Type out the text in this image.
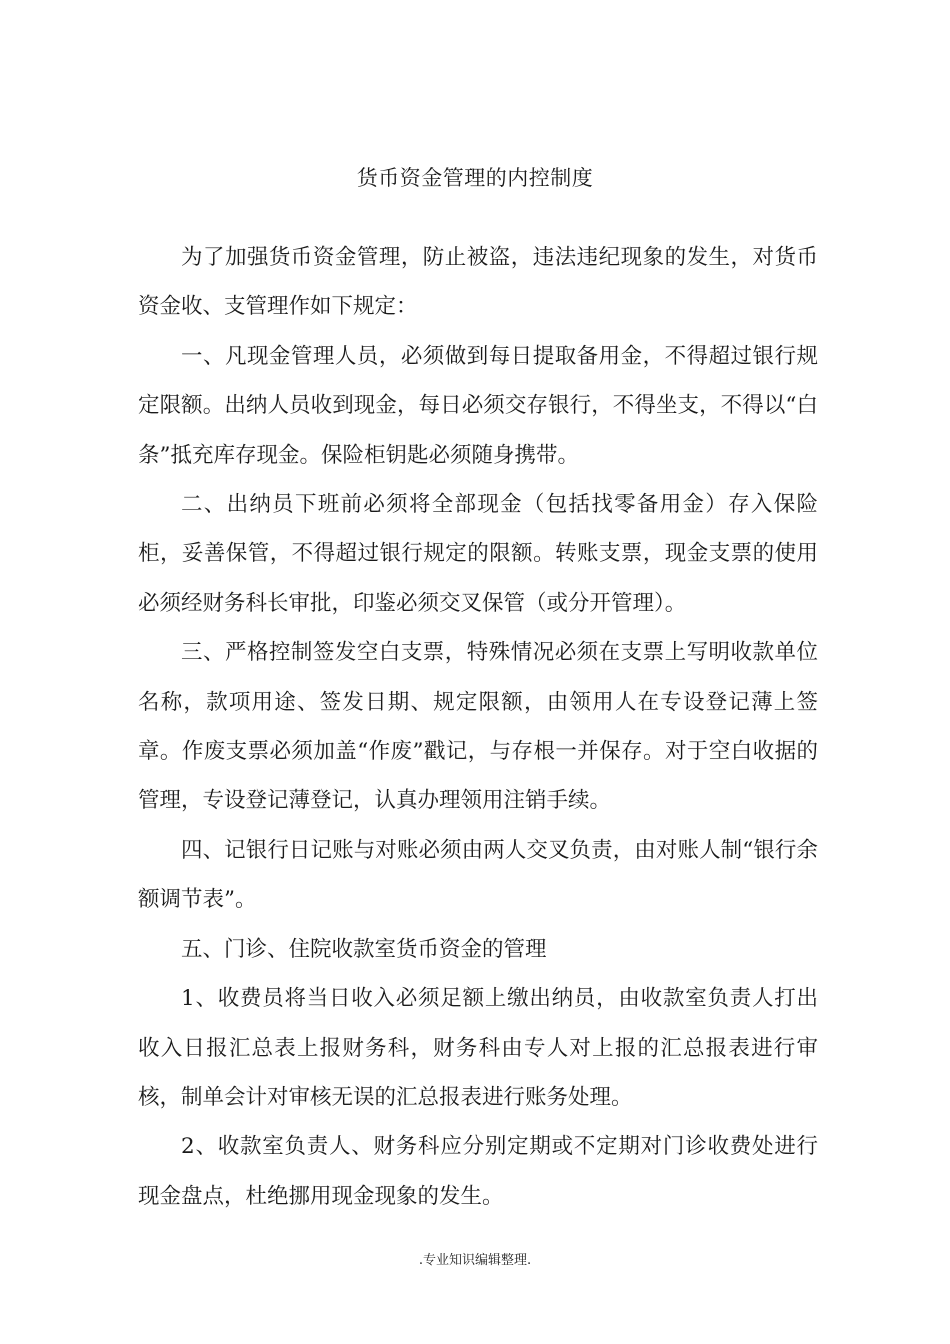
货币资金管理的内控制度

为了加强货币资金管理，防止被盗，违法违纪现象的发生，对货币资金收、支管理作如下规定：

一、凡现金管理人员，必须做到每日提取备用金，不得超过银行规定限额。出纳人员收到现金，每日必须交存银行，不得坐支，不得以“白条”抵充库存现金。保险柜钥匙必须随身携带。

二、出纳员下班前必须将全部现金（包括找零备用金）存入保险柜，妥善保管，不得超过银行规定的限额。转账支票，现金支票的使用必须经财务科长审批，印鉴必须交叉保管（或分开管理）。

三、严格控制签发空白支票，特殊情况必须在支票上写明收款单位名称，款项用途、签发日期、规定限额，由领用人在专设登记薄上签章。作废支票必须加盖“作废”戳记，与存根一并保存。对于空白收据的管理，专设登记薄登记，认真办理领用注销手续。

四、记银行日记账与对账必须由两人交叉负责，由对账人制“银行余额调节表”。

五、门诊、住院收款室货币资金的管理

1、收费员将当日收入必须足额上缴出纳员，由收款室负责人打出收入日报汇总表上报财务科，财务科由专人对上报的汇总报表进行审核，制单会计对审核无误的汇总报表进行账务处理。

2、收款室负责人、财务科应分别定期或不定期对门诊收费处进行现金盘点，杜绝挪用现金现象的发生。

.专业知识编辑整理.
